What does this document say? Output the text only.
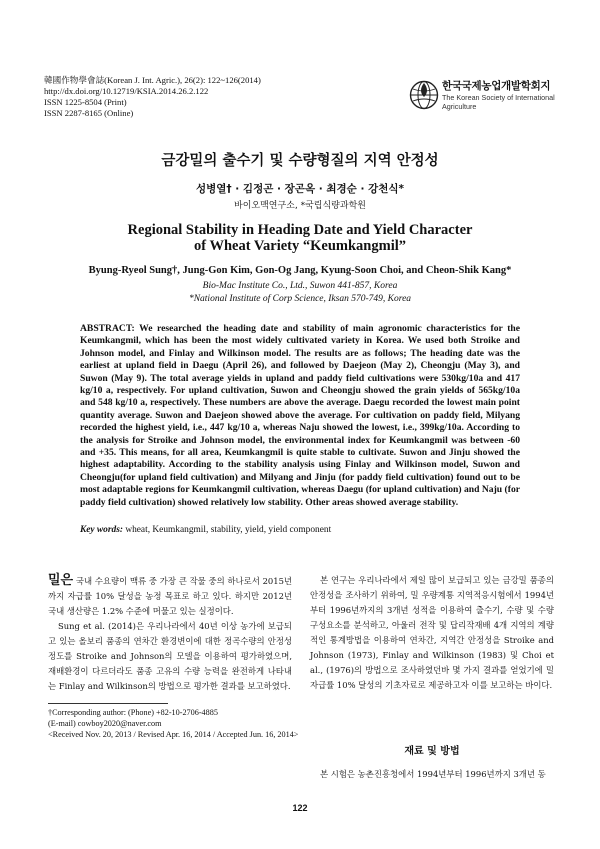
韓國作物學會誌(Korean J. Int. Agric.), 26(2): 122~126(2014)
http://dx.doi.org/10.12719/KSIA.2014.26.2.122
ISSN 1225-8504 (Print)
ISSN 2287-8165 (Online)
한국국제농업개발학회지
The Korean Society of International
Agriculture
금강밀의 출수기 및 수량형질의 지역 안정성
성병열† · 김정곤 · 장곤옥 · 최경순 · 강천식*
바이오맥연구소, *국립식량과학원
Regional Stability in Heading Date and Yield Character
of Wheat Variety “Keumkangmil”
Byung-Ryeol Sung†, Jung-Gon Kim, Gon-Og Jang, Kyung-Soon Choi, and Cheon-Shik Kang*
Bio-Mac Institute Co., Ltd., Suwon 441-857, Korea
*National Institute of Corp Science, Iksan 570-749, Korea
ABSTRACT: We researched the heading date and stability of main agronomic characteristics for the Keumkangmil, which has been the most widely cultivated variety in Korea. We used both Stroike and Johnson model, and Finlay and Wilkinson model. The results are as follows; The heading date was the earliest at upland field in Daegu (April 26), and followed by Daejeon (May 2), Cheongju (May 3), and Suwon (May 9). The total average yields in upland and paddy field cultivations were 530kg/10a and 417 kg/10 a, respectively. For upland cultivation, Suwon and Cheongju showed the grain yields of 565kg/10a and 548 kg/10 a, respectively. These numbers are above the average. Daegu recorded the lowest main point quantity average. Suwon and Daejeon showed above the average. For cultivation on paddy field, Milyang recorded the highest yield, i.e., 447 kg/10 a, whereas Naju showed the lowest, i.e., 399kg/10a. According to the analysis for Stroike and Johnson model, the environmental index for Keumkangmil was between -60 and +35. This means, for all area, Keumkangmil is quite stable to cultivate. Suwon and Jinju showed the highest adaptability. According to the stability analysis using Finlay and Wilkinson model, Suwon and Cheongju(for upland field cultivation) and Milyang and Jinju (for paddy field cultivation) found out to be most adaptable regions for Keumkangmil cultivation, whereas Daegu (for upland cultivation) and Naju (for paddy field cultivation) showed relatively low stability. Other areas showed average stability.
Key words: wheat, Keumkangmil, stability, yield, yield component

밀은 국내 수요량이 맥류 중 가장 큰 작물 중의 하나로서 2015년까지 자급률 10% 달성을 농정 목표로 하고 있다. 하지만 2012년 국내 생산량은 1.2% 수준에 머물고 있는 실정이다.

Sung et al. (2014)은 우리나라에서 40년 이상 농가에 보급되고 있는 올보리 품종의 연차간 환경변이에 대한 정곡수량의 안정성 정도를 Stroike and Johnson의 모델을 이용하여 평가하였으며, 재배환경이 다르더라도 품종 고유의 수량 능력을 완전하게 나타내는 Finlay and Wilkinson의 방법으로 평가한 결과를 보고하였다.

본 연구는 우리나라에서 제일 많이 보급되고 있는 금강밀 품종의 안정성을 조사하기 위하여, 밀 우량계통 지역적응시험에서 1994년부터 1996년까지의 3개년 성적을 이용하여 출수기, 수량 및 수량구성요소를 분석하고, 아울러 전작 및 답리작재배 4개 지역의 계량적인 통계방법을 이용하여 연차간, 지역간 안정성을 Stroike and Johnson (1973), Finlay and Wilkinson (1983) 및 Choi et al., (1976)의 방법으로 조사하였던바 몇 가지 결과를 얻었기에 밀 자급률 10% 달성의 기초자료로 제공하고자 이를 보고하는 바이다.

재료 및 방법
본 시험은 농촌진흥청에서 1994년부터 1996년까지 3개년 동
†Corresponding author: (Phone) +82-10-2706-4885
(E-mail) cowboy2020@naver.com
<Received Nov. 20, 2013 / Revised Apr. 16, 2014 / Accepted Jun. 16, 2014>
122
